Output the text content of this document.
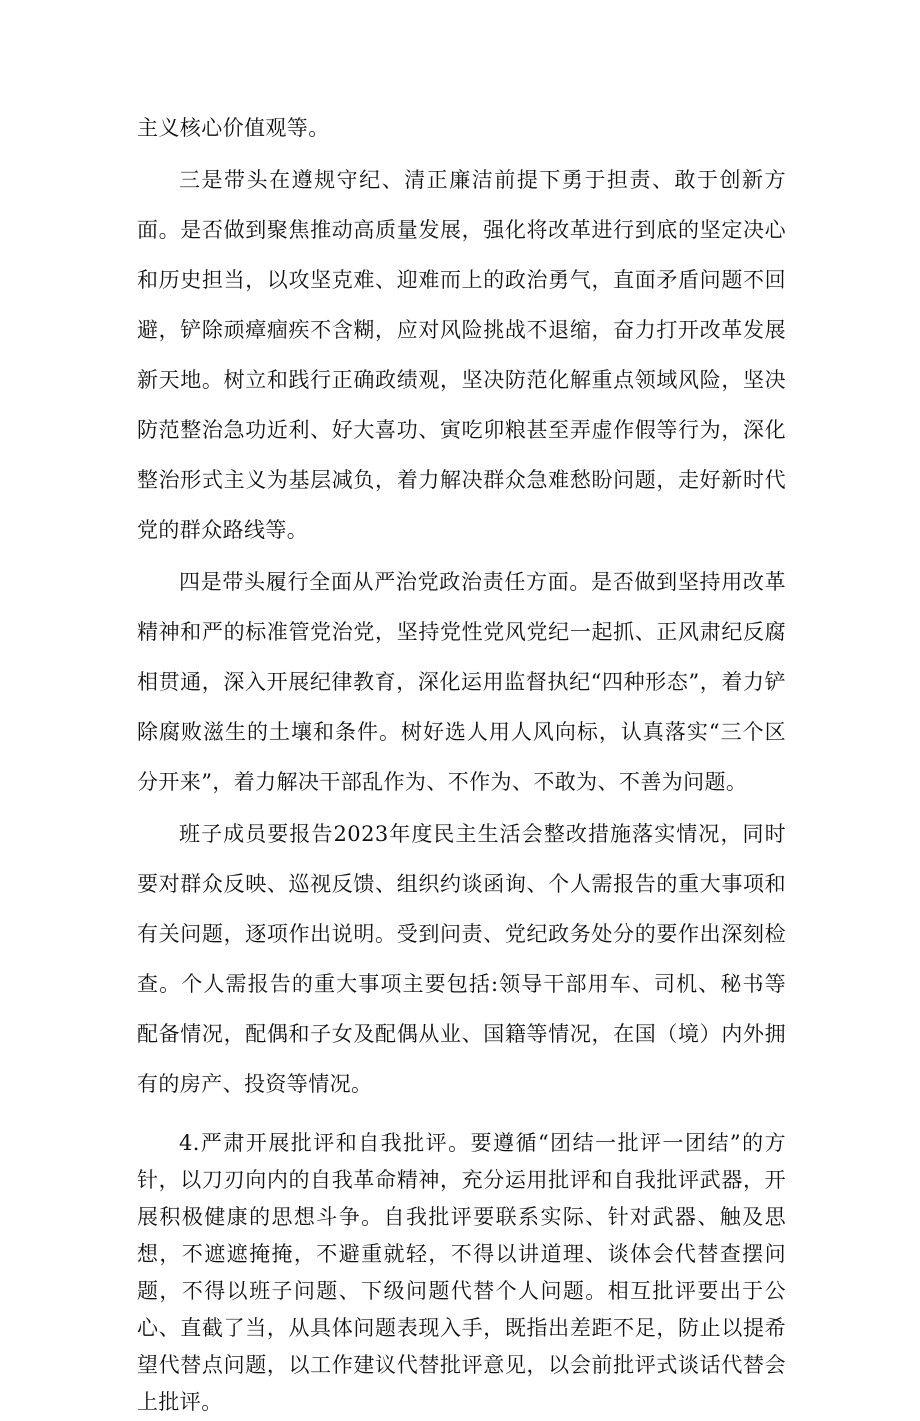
主义核心价值观等。

三是带头在遵规守纪、清正廉洁前提下勇于担责、敢于创新方面。是否做到聚焦推动高质量发展，强化将改革进行到底的坚定决心和历史担当，以攻坚克难、迎难而上的政治勇气，直面矛盾问题不回避，铲除顽瘴痼疾不含糊，应对风险挑战不退缩，奋力打开改革发展新天地。树立和践行正确政绩观，坚决防范化解重点领域风险，坚决防范整治急功近利、好大喜功、寅吃卯粮甚至弄虚作假等行为，深化整治形式主义为基层减负，着力解决群众急难愁盼问题，走好新时代党的群众路线等。

四是带头履行全面从严治党政治责任方面。是否做到坚持用改革精神和严的标准管党治党，坚持党性党风党纪一起抓、正风肃纪反腐相贯通，深入开展纪律教育，深化运用监督执纪“四种形态”，着力铲除腐败滋生的土壤和条件。树好选人用人风向标，认真落实“三个区分开来”，着力解决干部乱作为、不作为、不敢为、不善为问题。

班子成员要报告2023年度民主生活会整改措施落实情况，同时要对群众反映、巡视反馈、组织约谈函询、个人需报告的重大事项和有关问题，逐项作出说明。受到问责、党纪政务处分的要作出深刻检查。个人需报告的重大事项主要包括:领导干部用车、司机、秘书等配备情况，配偶和子女及配偶从业、国籍等情况，在国（境）内外拥有的房产、投资等情况。

4.严肃开展批评和自我批评。要遵循“团结一批评一团结”的方针，以刀刃向内的自我革命精神，充分运用批评和自我批评武器，开展积极健康的思想斗争。自我批评要联系实际、针对武器、触及思想，不遮遮掩掩，不避重就轻，不得以讲道理、谈体会代替查摆问题，不得以班子问题、下级问题代替个人问题。相互批评要出于公心、直截了当，从具体问题表现入手，既指出差距不足，防止以提希望代替点问题，以工作建议代替批评意见，以会前批评式谈话代替会上批评。
